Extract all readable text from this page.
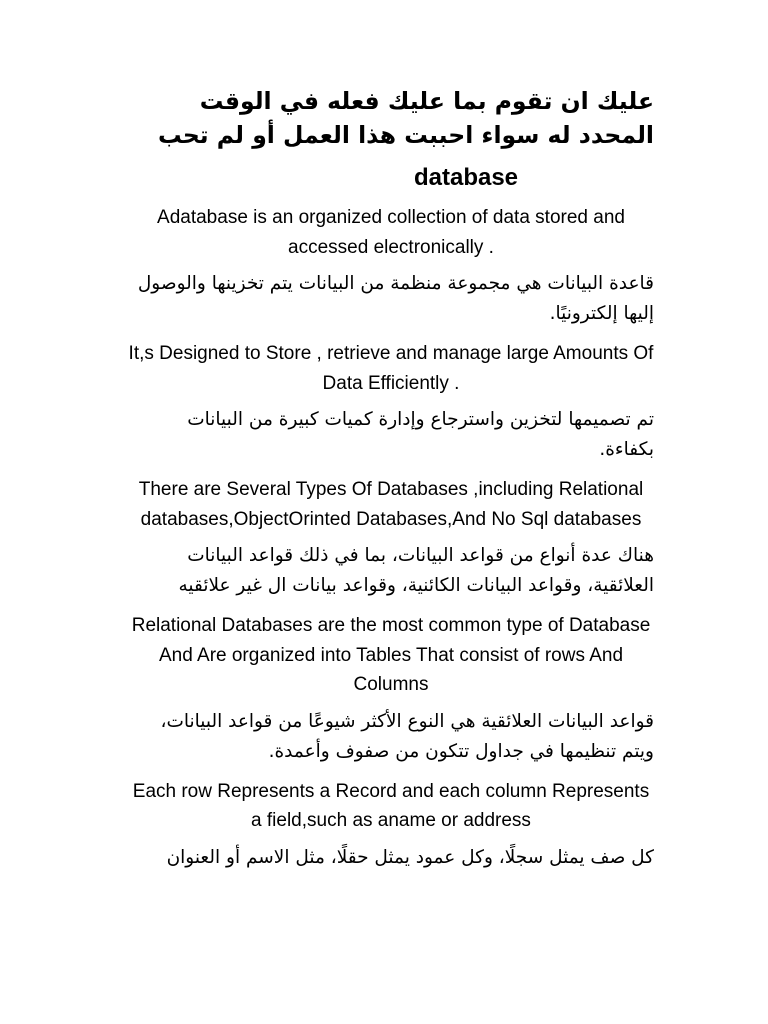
عليك ان تقوم بما عليك فعله في الوقت المحدد له سواء احببت هذا العمل أو لم تحب

database

Adatabase is an organized collection of data stored and accessed electronically .

قاعدة البيانات هي مجموعة منظمة من البيانات يتم تخزينها والوصول إليها إلكترونيًا.

It,s Designed to Store , retrieve and manage large Amounts Of Data Efficiently .

تم تصميمها لتخزين واسترجاع وإدارة كميات كبيرة من البيانات بكفاءة.

There are Several Types Of Databases ,including Relational databases,ObjectOrinted Databases,And No Sql databases

هناك عدة أنواع من قواعد البيانات، بما في ذلك قواعد البيانات العلائقية، وقواعد البيانات الكائنية، وقواعد بيانات ال غير علائقيه

Relational Databases are the most common type of Database And Are organized into Tables That consist of rows And Columns

قواعد البيانات العلائقية هي النوع الأكثر شيوعًا من قواعد البيانات، ويتم تنظيمها في جداول تتكون من صفوف وأعمدة.

Each row Represents a Record and each column Represents a field,such as aname or address

كل صف يمثل سجلًا، وكل عمود يمثل حقلًا، مثل الاسم أو العنوان
